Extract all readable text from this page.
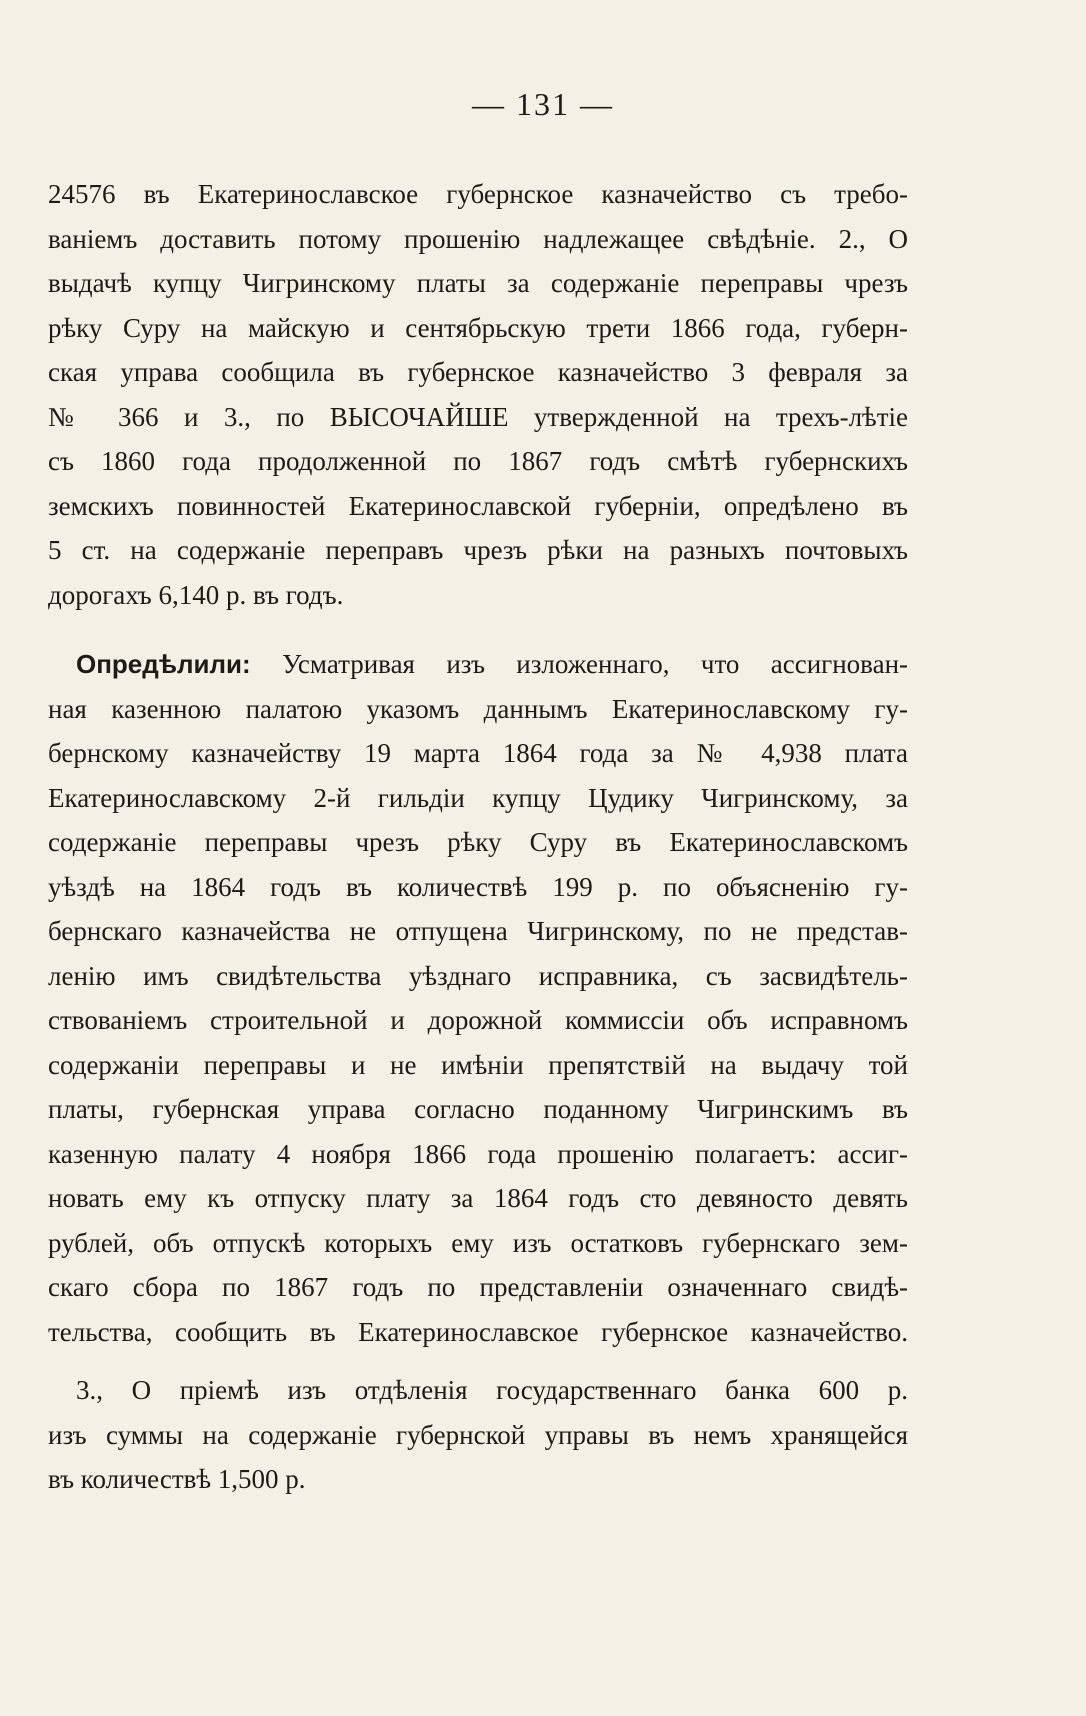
— 131 —
24576 въ Екатеринославское губернское казначейство съ требо-
ваніемъ доставить потому прошенію надлежащее свѣдѣніе. 2., О
выдачѣ купцу Чигринскому платы за содержаніе переправы чрезъ
рѣку Суру на майскую и сентябрьскую трети 1866 года, губерн-
ская управа сообщила въ губернское казначейство 3 февраля за
№ 366 и 3., по ВЫСОЧАЙШЕ утвержденной на трехъ-лѣтіе
съ 1860 года продолженной по 1867 годъ смѣтѣ губернскихъ
земскихъ повинностей Екатеринославской губерніи, опредѣлено въ
5 ст. на содержаніе переправъ чрезъ рѣки на разныхъ почтовыхъ
дорогахъ 6,140 р. въ годъ.
Опредѣлили: Усматривая изъ изложеннаго, что ассигнован-
ная казенною палатою указомъ даннымъ Екатеринославскому гу-
бернскому казначейству 19 марта 1864 года за № 4,938 плата
Екатеринославскому 2-й гильдіи купцу Цудику Чигринскому, за
содержаніе переправы чрезъ рѣку Суру въ Екатеринославскомъ
уѣздѣ на 1864 годъ въ количествѣ 199 р. по объясненію гу-
бернскаго казначейства не отпущена Чигринскому, по не представ-
ленію имъ свидѣтельства уѣзднаго исправника, съ засвидѣтель-
ствованіемъ строительной и дорожной коммиссіи объ исправномъ
содержаніи переправы и не имѣніи препятствій на выдачу той
платы, губернская управа согласно поданному Чигринскимъ въ
казенную палату 4 ноября 1866 года прошенію полагаетъ: ассиг-
новать ему къ отпуску плату за 1864 годъ сто девяносто девять
рублей, объ отпускѣ которыхъ ему изъ остатковъ губернскаго зем-
скаго сбора по 1867 годъ по представленіи означеннаго свидѣ-
тельства, сообщить въ Екатеринославское губернское казначейство.
3., О пріемѣ изъ отдѣленія государственнаго банка 600 р.
изъ суммы на содержаніе губернской управы въ немъ хранящейся
въ количествѣ 1,500 р.
